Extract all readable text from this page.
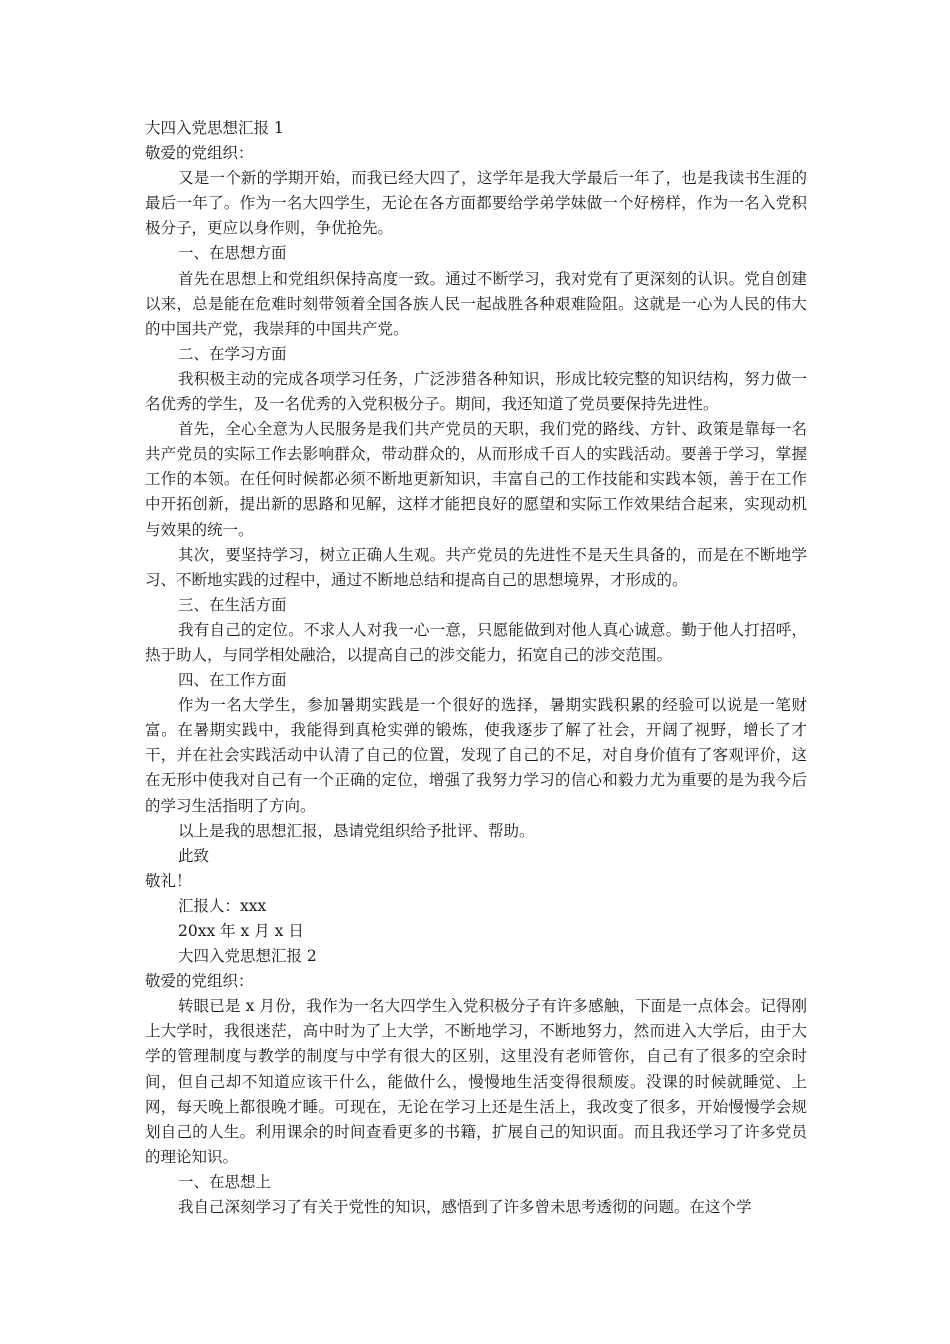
大四入党思想汇报 1

敬爱的党组织：

又是一个新的学期开始，而我已经大四了，这学年是我大学最后一年了，也是我读书生涯的最后一年了。作为一名大四学生，无论在各方面都要给学弟学妹做一个好榜样，作为一名入党积极分子，更应以身作则，争优抢先。

一、在思想方面

首先在思想上和党组织保持高度一致。通过不断学习，我对党有了更深刻的认识。党自创建以来，总是能在危难时刻带领着全国各族人民一起战胜各种艰难险阻。这就是一心为人民的伟大的中国共产党，我崇拜的中国共产党。

二、在学习方面

我积极主动的完成各项学习任务，广泛涉猎各种知识，形成比较完整的知识结构，努力做一名优秀的学生，及一名优秀的入党积极分子。期间，我还知道了党员要保持先进性。

首先，全心全意为人民服务是我们共产党员的天职，我们党的路线、方针、政策是靠每一名共产党员的实际工作去影响群众，带动群众的，从而形成千百人的实践活动。要善于学习，掌握工作的本领。在任何时候都必须不断地更新知识，丰富自己的工作技能和实践本领，善于在工作中开拓创新，提出新的思路和见解，这样才能把良好的愿望和实际工作效果结合起来，实现动机与效果的统一。

其次，要坚持学习，树立正确人生观。共产党员的先进性不是天生具备的，而是在不断地学习、不断地实践的过程中，通过不断地总结和提高自己的思想境界，才形成的。

三、在生活方面

我有自己的定位。不求人人对我一心一意，只愿能做到对他人真心诚意。勤于他人打招呼，热于助人，与同学相处融洽，以提高自己的涉交能力，拓宽自己的涉交范围。

四、在工作方面

作为一名大学生，参加暑期实践是一个很好的选择，暑期实践积累的经验可以说是一笔财富。在暑期实践中，我能得到真枪实弹的锻炼，使我逐步了解了社会，开阔了视野，增长了才干，并在社会实践活动中认清了自己的位置，发现了自己的不足，对自身价值有了客观评价，这在无形中使我对自己有一个正确的定位，增强了我努力学习的信心和毅力尤为重要的是为我今后的学习生活指明了方向。

以上是我的思想汇报，恳请党组织给予批评、帮助。

此致

敬礼！

汇报人：xxx

20xx 年 x 月 x 日

大四入党思想汇报 2

敬爱的党组织：

转眼已是 x 月份，我作为一名大四学生入党积极分子有许多感触，下面是一点体会。记得刚上大学时，我很迷茫，高中时为了上大学，不断地学习，不断地努力，然而进入大学后，由于大学的管理制度与教学的制度与中学有很大的区别，这里没有老师管你，自己有了很多的空余时间，但自己却不知道应该干什么，能做什么，慢慢地生活变得很颓废。没课的时候就睡觉、上网，每天晚上都很晚才睡。可现在，无论在学习上还是生活上，我改变了很多，开始慢慢学会规划自己的人生。利用课余的时间查看更多的书籍，扩展自己的知识面。而且我还学习了许多党员的理论知识。

一、在思想上

我自己深刻学习了有关于党性的知识，感悟到了许多曾未思考透彻的问题。在这个学
